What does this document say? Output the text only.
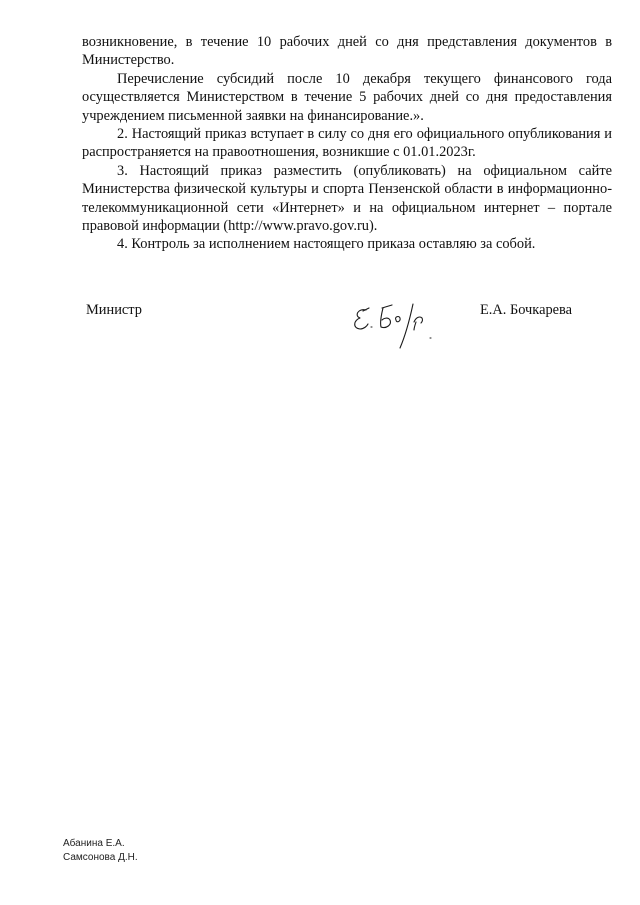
возникновение, в течение 10 рабочих дней со дня представления документов в Министерство.

Перечисление субсидий после 10 декабря текущего финансового года осуществляется Министерством в течение 5 рабочих дней со дня предоставления учреждением письменной заявки на финансирование.».

2. Настоящий приказ вступает в силу со дня его официального опубликования и распространяется на правоотношения, возникшие с 01.01.2023г.

3. Настоящий приказ разместить (опубликовать) на официальном сайте Министерства физической культуры и спорта Пензенской области в информационно-телекоммуникационной сети «Интернет» и на официальном интернет – портале правовой информации (http://www.pravo.gov.ru).

4. Контроль за исполнением настоящего приказа оставляю за собой.

Министр	Е.А. Бочкарева
Абанина Е.А.
Самсонова Д.Н.
